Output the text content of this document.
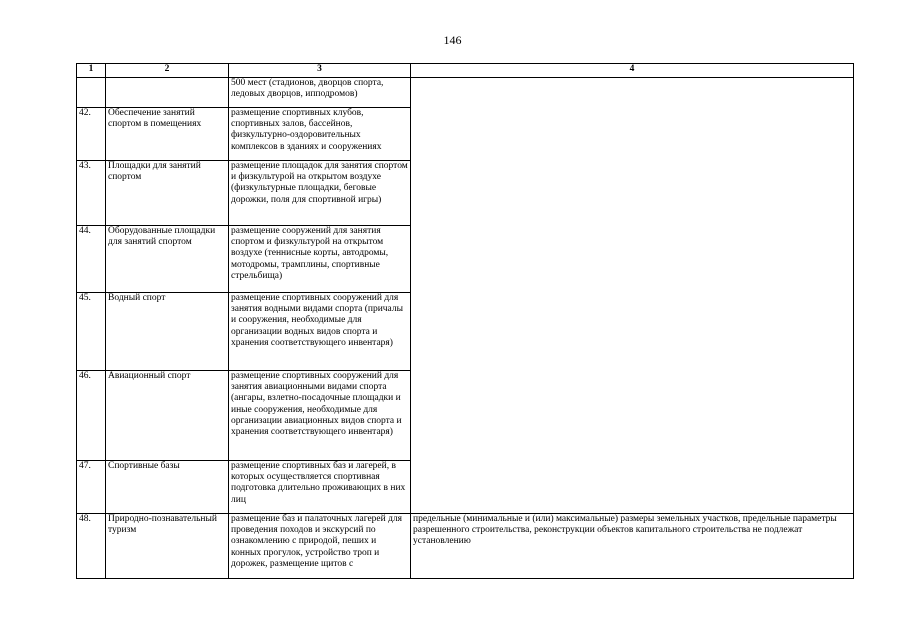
146
1	2	3	4
		500 мест (стадионов, дворцов спорта, ледовых дворцов, ипподромов)	
42.	Обеспечение занятий спортом в помещениях	размещение спортивных клубов, спортивных залов, бассейнов, физкультурно-оздоровительных комплексов в зданиях и сооружениях	
43.	Площадки для занятий спортом	размещение площадок для занятия спортом и физкультурой на открытом воздухе (физкультурные площадки, беговые дорожки, поля для спортивной игры)	
44.	Оборудованные площадки для занятий спортом	размещение сооружений для занятия спортом и физкультурой на открытом воздухе (теннисные корты, автодромы, мотодромы, трамплины, спортивные стрельбища)	
45.	Водный спорт	размещение спортивных сооружений для занятия водными видами спорта (причалы и сооружения, необходимые для организации водных видов спорта и хранения соответствующего инвентаря)	
46.	Авиационный спорт	размещение спортивных сооружений для занятия авиационными видами спорта (ангары, взлетно-посадочные площадки и иные сооружения, необходимые для организации авиационных видов спорта и хранения соответствующего инвентаря)	
47.	Спортивные базы	размещение спортивных баз и лагерей, в которых осуществляется спортивная подготовка длительно проживающих в них лиц	
48.	Природно-познавательный туризм	размещение баз и палаточных лагерей для проведения походов и экскурсий по ознакомлению с природой, пеших и конных прогулок, устройство троп и дорожек, размещение щитов с	предельные (минимальные и (или) максимальные) размеры земельных участков, предельные параметры разрешенного строительства, реконструкции объектов капитального строительства не подлежат установлению
